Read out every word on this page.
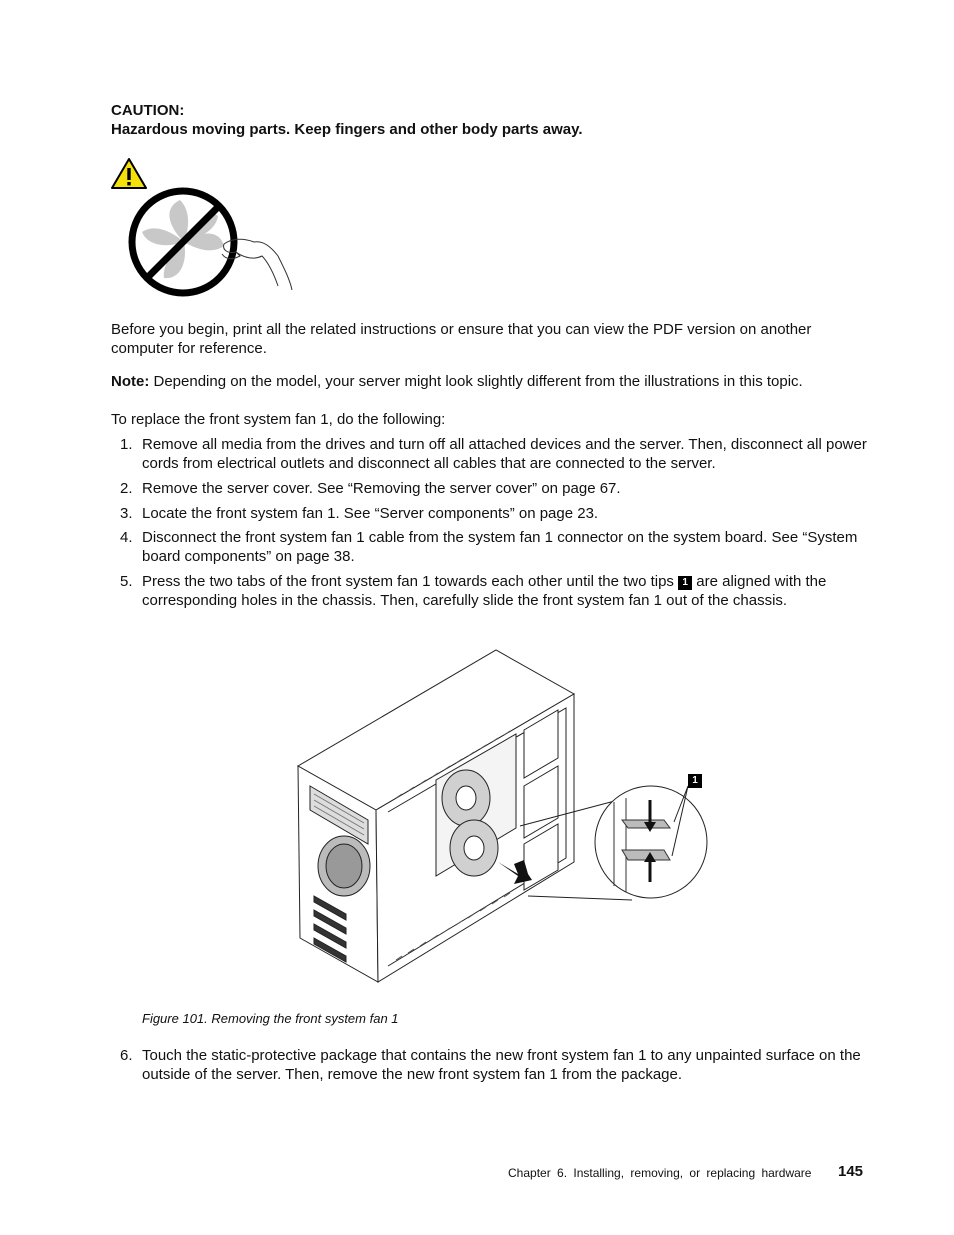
CAUTION:
Hazardous moving parts. Keep fingers and other body parts away.
Before you begin, print all the related instructions or ensure that you can view the PDF version on another computer for reference.
Note: Depending on the model, your server might look slightly different from the illustrations in this topic.
To replace the front system fan 1, do the following:
1. Remove all media from the drives and turn off all attached devices and the server. Then, disconnect all power cords from electrical outlets and disconnect all cables that are connected to the server.
2. Remove the server cover. See “Removing the server cover” on page 67.
3. Locate the front system fan 1. See “Server components” on page 23.
4. Disconnect the front system fan 1 cable from the system fan 1 connector on the system board. See “System board components” on page 38.
5. Press the two tabs of the front system fan 1 towards each other until the two tips 1 are aligned with the corresponding holes in the chassis. Then, carefully slide the front system fan 1 out of the chassis.
1
Figure 101. Removing the front system fan 1
6. Touch the static-protective package that contains the new front system fan 1 to any unpainted surface on the outside of the server. Then, remove the new front system fan 1 from the package.
Chapter 6. Installing, removing, or replacing hardware 145
